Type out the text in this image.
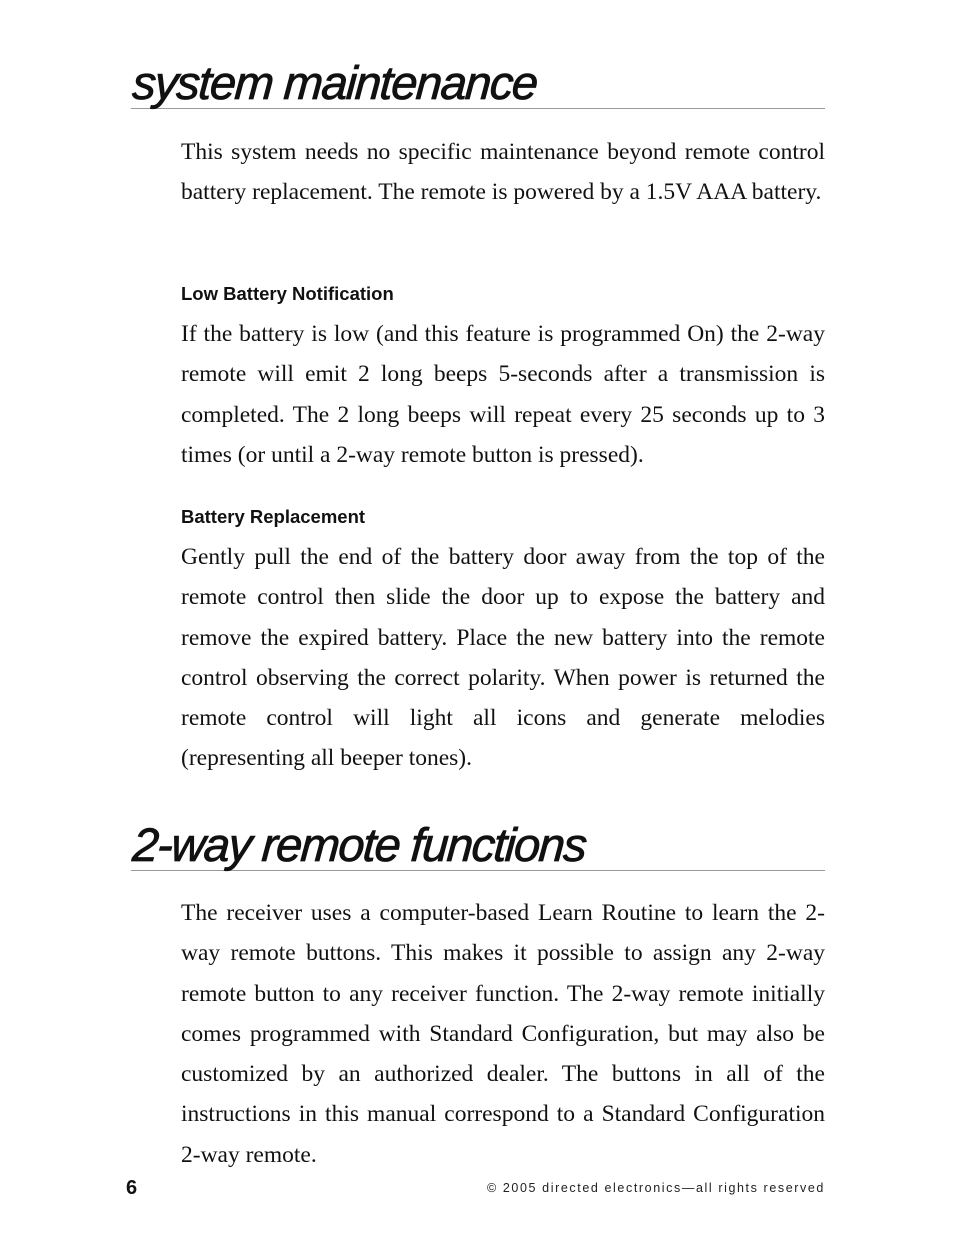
system maintenance

This system needs no specific maintenance beyond remote control battery replacement. The remote is powered by a 1.5V AAA battery.

Low Battery Notification

If the battery is low (and this feature is programmed On) the 2-way remote will emit 2 long beeps 5-seconds after a transmission is completed. The 2 long beeps will repeat every 25 seconds up to 3 times (or until a 2-way remote button is pressed).

Battery Replacement

Gently pull the end of the battery door away from the top of the remote control then slide the door up to expose the battery and remove the expired battery. Place the new battery into the remote control observing the correct polarity. When power is returned the remote control will light all icons and generate melodies (representing all beeper tones).

2-way remote functions

The receiver uses a computer-based Learn Routine to learn the 2-way remote buttons. This makes it possible to assign any 2-way remote button to any receiver function. The 2-way remote initially comes programmed with Standard Configuration, but may also be customized by an authorized dealer. The buttons in all of the instructions in this manual correspond to a Standard Configuration 2-way remote.

6	© 2005 directed electronics—all rights reserved
